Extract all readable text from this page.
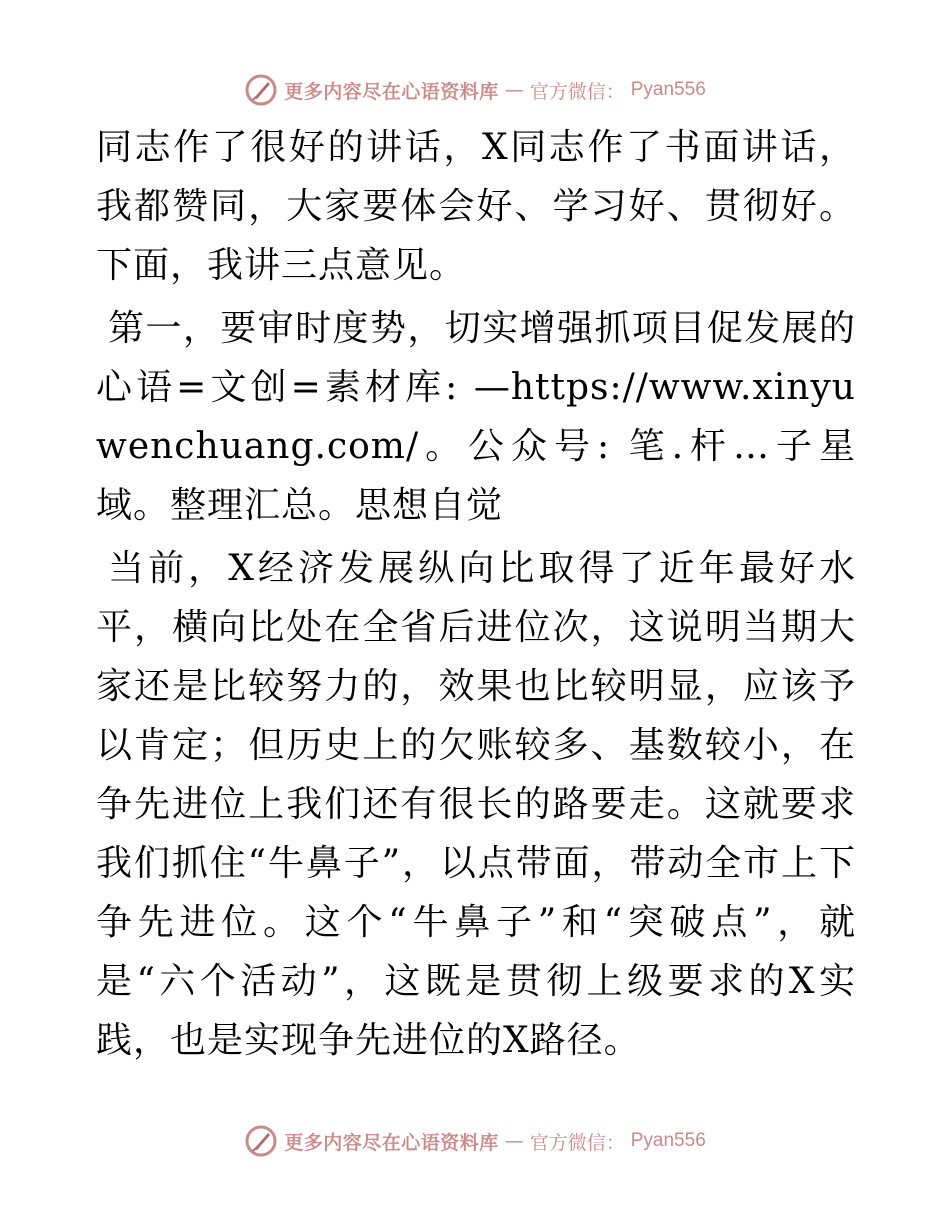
更多内容尽在心语资料库 — 官方微信： Pyan556

同志作了很好的讲话，X同志作了书面讲话，我都赞同，大家要体会好、学习好、贯彻好。下面，我讲三点意见。

第一，要审时度势，切实增强抓项目促发展的心语=文创=素材库: —https://www.xinyuwenchuang.com/。公众号: 笔.杆…子星域。整理汇总。思想自觉

当前，X经济发展纵向比取得了近年最好水平，横向比处在全省后进位次，这说明当期大家还是比较努力的，效果也比较明显，应该予以肯定；但历史上的欠账较多、基数较小，在争先进位上我们还有很长的路要走。这就要求我们抓住“牛鼻子”，以点带面，带动全市上下争先进位。这个“牛鼻子”和“突破点”，就是“六个活动”，这既是贯彻上级要求的X实践，也是实现争先进位的X路径。

更多内容尽在心语资料库 — 官方微信： Pyan556
